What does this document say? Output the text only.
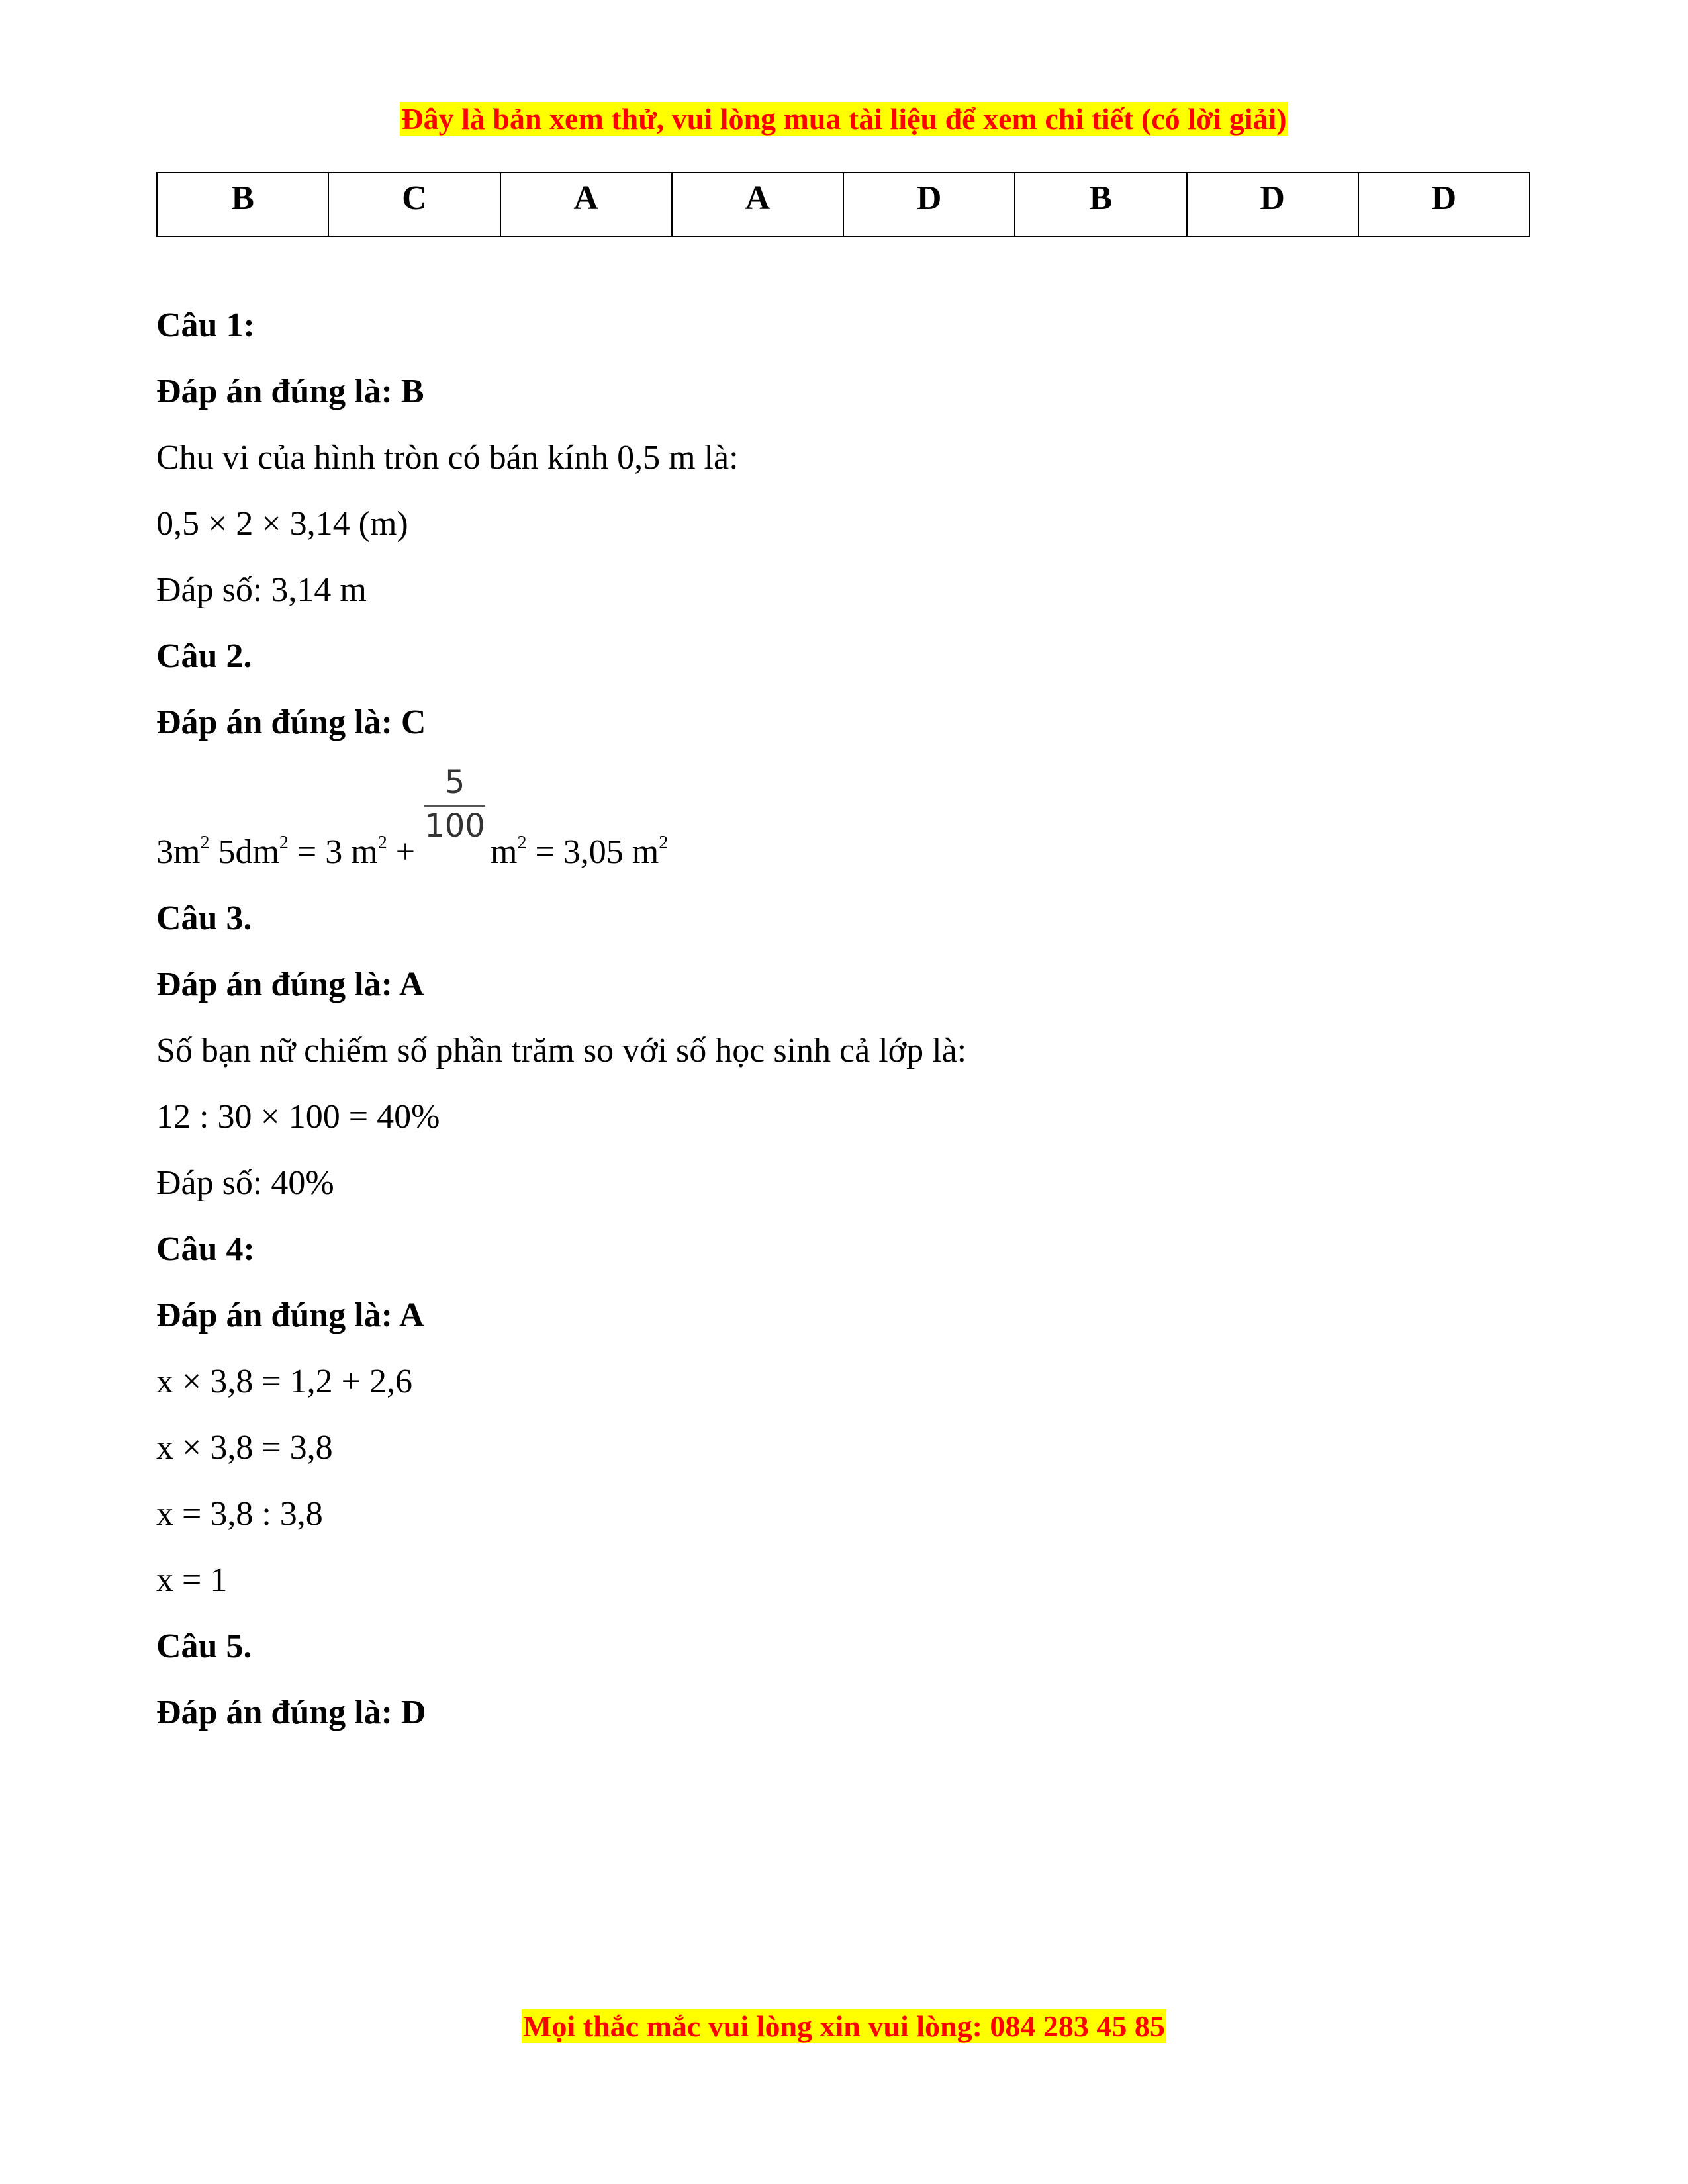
Đây là bản xem thử, vui lòng mua tài liệu để xem chi tiết (có lời giải)
B	C	A	A	D	B	D	D
Câu 1:
Đáp án đúng là: B
Chu vi của hình tròn có bán kính 0,5 m là:
0,5 × 2 × 3,14 (m)
Đáp số: 3,14 m
Câu 2.
Đáp án đúng là: C
$3m^2$ $5dm^2 = 3$ $m^2 + \frac{5}{100} m^2 = 3,05$ $m^2$
Câu 3.
Đáp án đúng là: A
Số bạn nữ chiếm số phần trăm so với số học sinh cả lớp là:
12 : 30 × 100 = 40%
Đáp số: 40%
Câu 4:
Đáp án đúng là: A
x × 3,8 = 1,2 + 2,6
x × 3,8 = 3,8
x = 3,8 : 3,8
x = 1
Câu 5.
Đáp án đúng là: D
Mọi thắc mắc vui lòng xin vui lòng: 084 283 45 85
